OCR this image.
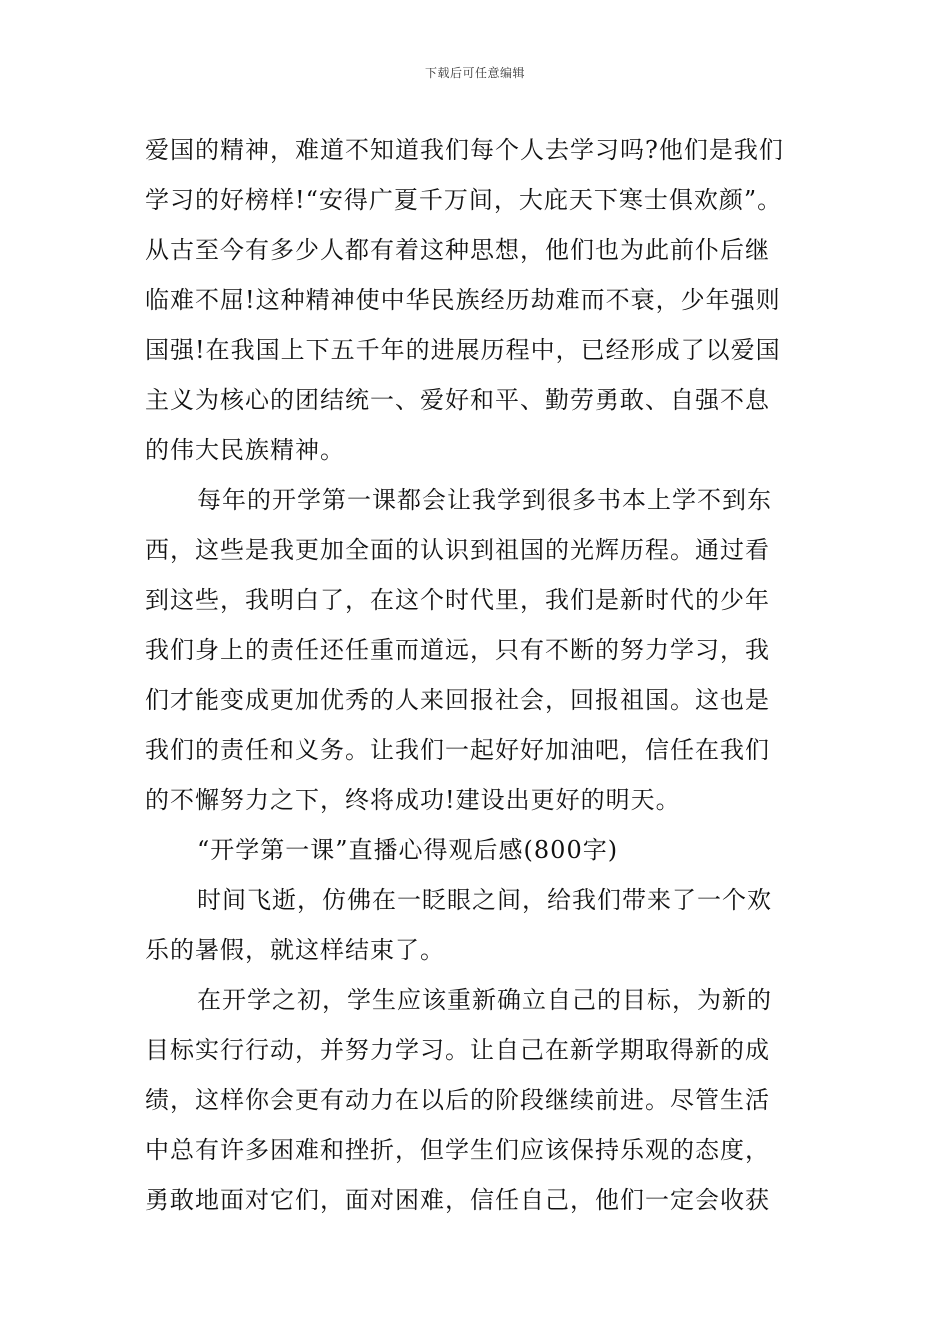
下载后可任意编辑
爱国的精神，难道不知道我们每个人去学习吗?他们是我们
学习的好榜样!“安得广夏千万间，大庇天下寒士俱欢颜”。
从古至今有多少人都有着这种思想，他们也为此前仆后继
临难不屈!这种精神使中华民族经历劫难而不衰，少年强则
国强!在我国上下五千年的进展历程中，已经形成了以爱国
主义为核心的团结统一、爱好和平、勤劳勇敢、自强不息
的伟大民族精神。
每年的开学第一课都会让我学到很多书本上学不到东
西，这些是我更加全面的认识到祖国的光辉历程。通过看
到这些，我明白了，在这个时代里，我们是新时代的少年
我们身上的责任还任重而道远，只有不断的努力学习，我
们才能变成更加优秀的人来回报社会，回报祖国。这也是
我们的责任和义务。让我们一起好好加油吧，信任在我们
的不懈努力之下，终将成功!建设出更好的明天。
“开学第一课”直播心得观后感(800字)
时间飞逝，仿佛在一眨眼之间，给我们带来了一个欢
乐的暑假，就这样结束了。
在开学之初，学生应该重新确立自己的目标，为新的
目标实行行动，并努力学习。让自己在新学期取得新的成
绩，这样你会更有动力在以后的阶段继续前进。尽管生活
中总有许多困难和挫折，但学生们应该保持乐观的态度，
勇敢地面对它们，面对困难，信任自己，他们一定会收获
